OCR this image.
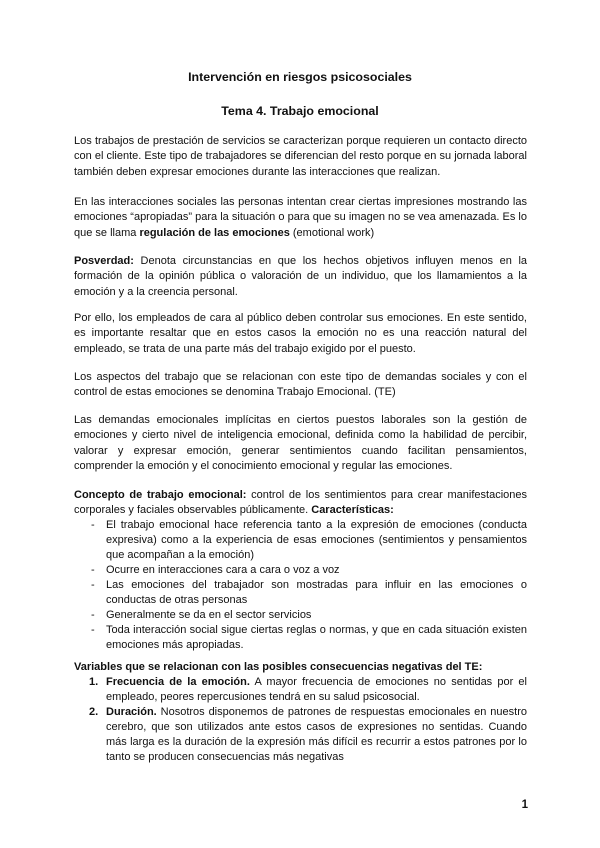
Intervención en riesgos psicosociales
Tema 4. Trabajo emocional
Los trabajos de prestación de servicios se caracterizan porque requieren un contacto directo con el cliente. Este tipo de trabajadores se diferencian del resto porque en su jornada laboral también deben expresar emociones durante las interacciones que realizan.
En las interacciones sociales las personas intentan crear ciertas impresiones mostrando las emociones “apropiadas” para la situación o para que su imagen no se vea amenazada. Es lo que se llama regulación de las emociones (emotional work)
Posverdad: Denota circunstancias en que los hechos objetivos influyen menos en la formación de la opinión pública o valoración de un individuo, que los llamamientos a la emoción y a la creencia personal.
Por ello, los empleados de cara al público deben controlar sus emociones. En este sentido, es importante resaltar que en estos casos la emoción no es una reacción natural del empleado, se trata de una parte más del trabajo exigido por el puesto.
Los aspectos del trabajo que se relacionan con este tipo de demandas sociales y con el control de estas emociones se denomina Trabajo Emocional. (TE)
Las demandas emocionales implícitas en ciertos puestos laborales son la gestión de emociones y cierto nivel de inteligencia emocional, definida como la habilidad de percibir, valorar y expresar emoción, generar sentimientos cuando facilitan pensamientos, comprender la emoción y el conocimiento emocional y regular las emociones.
Concepto de trabajo emocional: control de los sentimientos para crear manifestaciones corporales y faciales observables públicamente. Características:
- El trabajo emocional hace referencia tanto a la expresión de emociones (conducta expresiva) como a la experiencia de esas emociones (sentimientos y pensamientos que acompañan a la emoción)
- Ocurre en interacciones cara a cara o voz a voz
- Las emociones del trabajador son mostradas para influir en las emociones o conductas de otras personas
- Generalmente se da en el sector servicios
- Toda interacción social sigue ciertas reglas o normas, y que en cada situación existen emociones más apropiadas.
Variables que se relacionan con las posibles consecuencias negativas del TE:
1. Frecuencia de la emoción. A mayor frecuencia de emociones no sentidas por el empleado, peores repercusiones tendrá en su salud psicosocial.
2. Duración. Nosotros disponemos de patrones de respuestas emocionales en nuestro cerebro, que son utilizados ante estos casos de expresiones no sentidas. Cuando más larga es la duración de la expresión más difícil es recurrir a estos patrones por lo tanto se producen consecuencias más negativas
1
